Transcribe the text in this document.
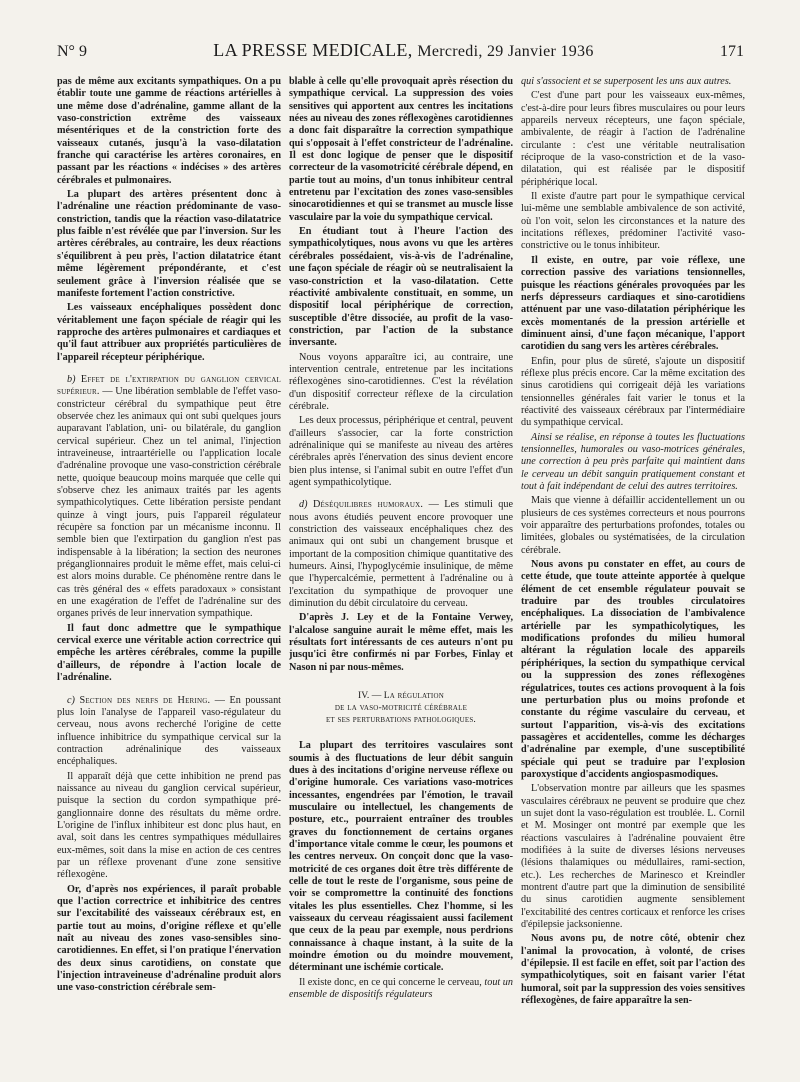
N° 9	LA PRESSE MEDICALE, Mercredi, 29 Janvier 1936	171

pas de même aux excitants sympathiques. On a pu établir toute une gamme de réactions artérielles à une même dose d'adrénaline, gamme allant de la vaso-constriction extrême des vaisseaux mésentériques et de la constriction forte des vaisseaux cutanés, jusqu'à la vaso-dilatation franche qui caractérise les artères coronaires, en passant par les réactions « indécises » des artères cérébrales et pulmonaires.

La plupart des artères présentent donc à l'adrénaline une réaction prédominante de vaso-constriction, tandis que la réaction vaso-dilatatrice plus faible n'est révélée que par l'inversion. Sur les artères cérébrales, au contraire, les deux réactions s'équilibrent à peu près, l'action dilatatrice étant même légèrement prépondérante, et c'est seulement grâce à l'inversion réalisée que se manifeste fortement l'action constrictive.

Les vaisseaux encéphaliques possèdent donc véritablement une façon spéciale de réagir qui les rapproche des artères pulmonaires et cardiaques et qu'il faut attribuer aux propriétés particulières de l'appareil récepteur périphérique.

b) Effet de l'extirpation du ganglion cervical supérieur. — Une libération semblable de l'effet vaso-constricteur cérébral du sympathique peut être observée chez les animaux qui ont subi quelques jours auparavant l'ablation, uni- ou bilatérale, du ganglion cervical supérieur. Chez un tel animal, l'injection intraveineuse, intraartérielle ou l'application locale d'adrénaline provoque une vaso-constriction cérébrale nette, quoique beaucoup moins marquée que celle qui s'observe chez les animaux traités par les agents sympathicolytiques. Cette libération persiste pendant quinze à vingt jours, puis l'appareil régulateur récupère sa fonction par un mécanisme inconnu. Il semble bien que l'extirpation du ganglion n'est pas indispensable à la libération; la section des neurones préganglionnaires produit le même effet, mais celui-ci est alors moins durable. Ce phénomène rentre dans le cas très général des « effets paradoxaux » consistant en une exagération de l'effet de l'adrénaline sur des organes privés de leur innervation sympathique.

Il faut donc admettre que le sympathique cervical exerce une véritable action correctrice qui empêche les artères cérébrales, comme la pupille d'ailleurs, de répondre à l'action locale de l'adrénaline.

c) Section des nerfs de Hering. — En poussant plus loin l'analyse de l'appareil vaso-régulateur du cerveau, nous avons recherché l'origine de cette influence inhibitrice du sympathique cervical sur la contraction adrénalinique des vaisseaux encéphaliques.

Il apparaît déjà que cette inhibition ne prend pas naissance au niveau du ganglion cervical supérieur, puisque la section du cordon sympathique pré-ganglionnaire donne des résultats du même ordre. L'origine de l'influx inhibiteur est donc plus haut, en aval, soit dans les centres sympathiques médullaires eux-mêmes, soit dans la mise en action de ces centres par un réflexe provenant d'une zone sensitive réflexogène.

Or, d'après nos expériences, il paraît probable que l'action correctrice et inhibitrice des centres sur l'excitabilité des vaisseaux cérébraux est, en partie tout au moins, d'origine réflexe et qu'elle naît au niveau des zones vaso-sensibles sino-carotidiennes. En effet, si l'on pratique l'énervation des deux sinus carotidiens, on constate que l'injection intraveineuse d'adrénaline produit alors une vaso-constriction cérébrale sem-

blable à celle qu'elle provoquait après résection du sympathique cervical. La suppression des voies sensitives qui apportent aux centres les incitations nées au niveau des zones réflexogènes carotidiennes a donc fait disparaître la correction sympathique qui s'opposait à l'effet constricteur de l'adrénaline. Il est donc logique de penser que le dispositif correcteur de la vasomotricité cérébrale dépend, en partie tout au moins, d'un tonus inhibiteur central entretenu par l'excitation des zones vaso-sensibles sinocarotidiennes et qui se transmet au muscle lisse vasculaire par la voie du sympathique cervical.

En étudiant tout à l'heure l'action des sympathicolytiques, nous avons vu que les artères cérébrales possédaient, vis-à-vis de l'adrénaline, une façon spéciale de réagir où se neutralisaient la vaso-constriction et la vaso-dilatation. Cette réactivité ambivalente constituait, en somme, un dispositif local périphérique de correction, susceptible d'être dissociée, au profit de la vaso-constriction, par l'action de la substance inversante.

Nous voyons apparaître ici, au contraire, une intervention centrale, entretenue par les incitations réflexogènes sino-carotidiennes. C'est la révélation d'un dispositif correcteur réflexe de la circulation cérébrale.

Les deux processus, périphérique et central, peuvent d'ailleurs s'associer, car la forte constriction adrénalinique qui se manifeste au niveau des artères cérébrales après l'énervation des sinus devient encore bien plus intense, si l'animal subit en outre l'effet d'un agent sympathicolytique.

d) Déséquilibres humoraux. — Les stimuli que nous avons étudiés peuvent encore provoquer une constriction des vaisseaux encéphaliques chez des animaux qui ont subi un changement brusque et important de la composition chimique quantitative des humeurs. Ainsi, l'hypoglycémie insulinique, de même que l'hypercalcémie, permettent à l'adrénaline ou à l'excitation du sympathique de provoquer une diminution du débit circulatoire du cerveau.

D'après J. Ley et de la Fontaine Verwey, l'alcalose sanguine aurait le même effet, mais les résultats fort intéressants de ces auteurs n'ont pu jusqu'ici être confirmés ni par Forbes, Finlay et Nason ni par nous-mêmes.

IV. — La régulation
de la vaso-motricité cérébrale
et ses perturbations pathologiques.

La plupart des territoires vasculaires sont soumis à des fluctuations de leur débit sanguin dues à des incitations d'origine nerveuse réflexe ou d'origine humorale. Ces variations vaso-motrices incessantes, engendrées par l'émotion, le travail musculaire ou intellectuel, les changements de posture, etc., pourraient entraîner des troubles graves du fonctionnement de certains organes d'importance vitale comme le cœur, les poumons et les centres nerveux. On conçoit donc que la vaso-motricité de ces organes doit être très différente de celle de tout le reste de l'organisme, sous peine de voir se compromettre la continuité des fonctions vitales les plus essentielles. Chez l'homme, si les vaisseaux du cerveau réagissaient aussi facilement que ceux de la peau par exemple, nous perdrions connaissance à chaque instant, à la suite de la moindre émotion ou du moindre mouvement, déterminant une ischémie corticale.

Il existe donc, en ce qui concerne le cerveau, tout un ensemble de dispositifs régulateurs

qui s'associent et se superposent les uns aux autres.

C'est d'une part pour les vaisseaux eux-mêmes, c'est-à-dire pour leurs fibres musculaires ou pour leurs appareils nerveux récepteurs, une façon spéciale, ambivalente, de réagir à l'action de l'adrénaline circulante : c'est une véritable neutralisation réciproque de la vaso-constriction et de la vaso-dilatation, qui est réalisée par le dispositif périphérique local.

Il existe d'autre part pour le sympathique cervical lui-même une semblable ambivalence de son activité, où l'on voit, selon les circonstances et la nature des incitations réflexes, prédominer l'activité vaso-constrictive ou le tonus inhibiteur.

Il existe, en outre, par voie réflexe, une correction passive des variations tensionnelles, puisque les réactions générales provoquées par les nerfs dépresseurs cardiaques et sino-carotidiens atténuent par une vaso-dilatation périphérique les excès momentanés de la pression artérielle et diminuent ainsi, d'une façon mécanique, l'apport carotidien du sang vers les artères cérébrales.

Enfin, pour plus de sûreté, s'ajoute un dispositif réflexe plus précis encore. Car la même excitation des sinus carotidiens qui corrigeait déjà les variations tensionnelles générales fait varier le tonus et la réactivité des vaisseaux cérébraux par l'intermédiaire du sympathique cervical.

Ainsi se réalise, en réponse à toutes les fluctuations tensionnelles, humorales ou vaso-motrices générales, une correction à peu près parfaite qui maintient dans le cerveau un débit sanguin pratiquement constant et tout à fait indépendant de celui des autres territoires.

Mais que vienne à défaillir accidentellement un ou plusieurs de ces systèmes correcteurs et nous pourrons voir apparaître des perturbations profondes, totales ou limitées, globales ou systématisées, de la circulation cérébrale.

Nous avons pu constater en effet, au cours de cette étude, que toute atteinte apportée à quelque élément de cet ensemble régulateur pouvait se traduire par des troubles circulatoires encéphaliques. La dissociation de l'ambivalence artérielle par les sympathicolytiques, les modifications profondes du milieu humoral altérant la régulation locale des appareils périphériques, la section du sympathique cervical ou la suppression des zones réflexogènes régulatrices, toutes ces actions provoquent à la fois une perturbation plus ou moins profonde et constante du régime vasculaire du cerveau, et surtout l'apparition, vis-à-vis des excitations passagères et accidentelles, comme les décharges d'adrénaline par exemple, d'une susceptibilité spéciale qui peut se traduire par l'explosion paroxystique d'accidents angiospasmodiques.

L'observation montre par ailleurs que les spasmes vasculaires cérébraux ne peuvent se produire que chez un sujet dont la vaso-régulation est troublée. L. Cornil et M. Mosinger ont montré par exemple que les réactions vasculaires à l'adrénaline pouvaient être modifiées à la suite de diverses lésions nerveuses (lésions thalamiques ou médullaires, rami-section, etc.). Les recherches de Marinesco et Kreindler montrent d'autre part que la diminution de sensibilité du sinus carotidien augmente sensiblement l'excitabilité des centres corticaux et renforce les crises d'épilepsie jacksonienne.

Nous avons pu, de notre côté, obtenir chez l'animal la provocation, à volonté, de crises d'épilepsie. Il est facile en effet, soit par l'action des sympathicolytiques, soit en faisant varier l'état humoral, soit par la suppression des voies sensitives réflexogènes, de faire apparaître la sen-
